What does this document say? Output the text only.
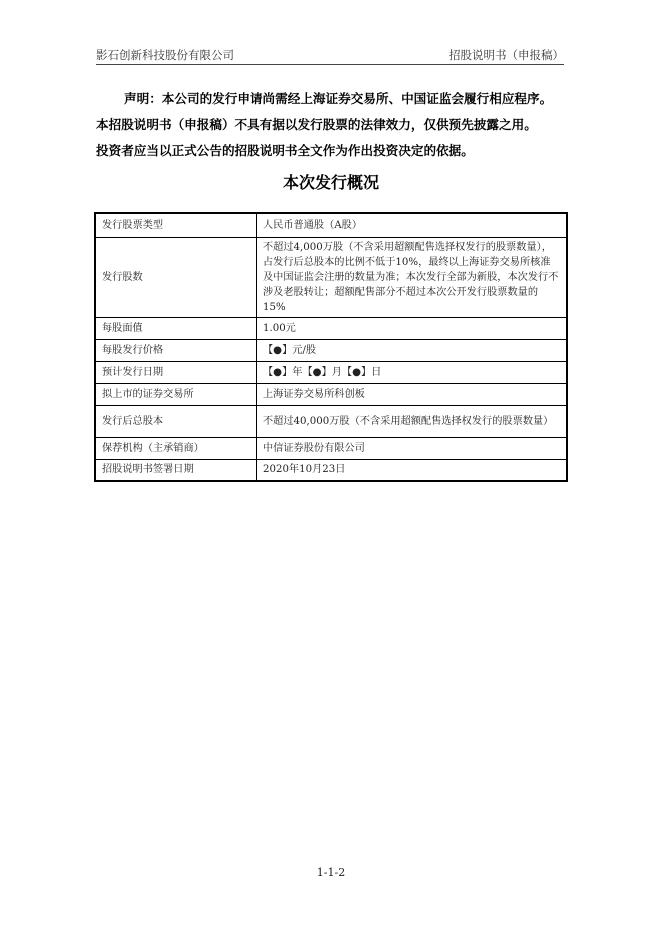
影石创新科技股份有限公司	招股说明书（申报稿）

声明：本公司的发行申请尚需经上海证券交易所、中国证监会履行相应程序。

本招股说明书（申报稿）不具有据以发行股票的法律效力，仅供预先披露之用。

投资者应当以正式公告的招股说明书全文作为作出投资决定的依据。

本次发行概况
发行股票类型	人民币普通股（A股）
发行股数	不超过4,000万股（不含采用超额配售选择权发行的股票数量），占发行后总股本的比例不低于10%，最终以上海证券交易所核准及中国证监会注册的数量为准；本次发行全部为新股，本次发行不涉及老股转让；超额配售部分不超过本次公开发行股票数量的15%
每股面值	1.00元
每股发行价格	【●】元/股
预计发行日期	【●】年【●】月【●】日
拟上市的证券交易所	上海证券交易所科创板
发行后总股本	不超过40,000万股（不含采用超额配售选择权发行的股票数量）
保荐机构（主承销商）	中信证券股份有限公司
招股说明书签署日期	2020年10月23日
1-1-2
